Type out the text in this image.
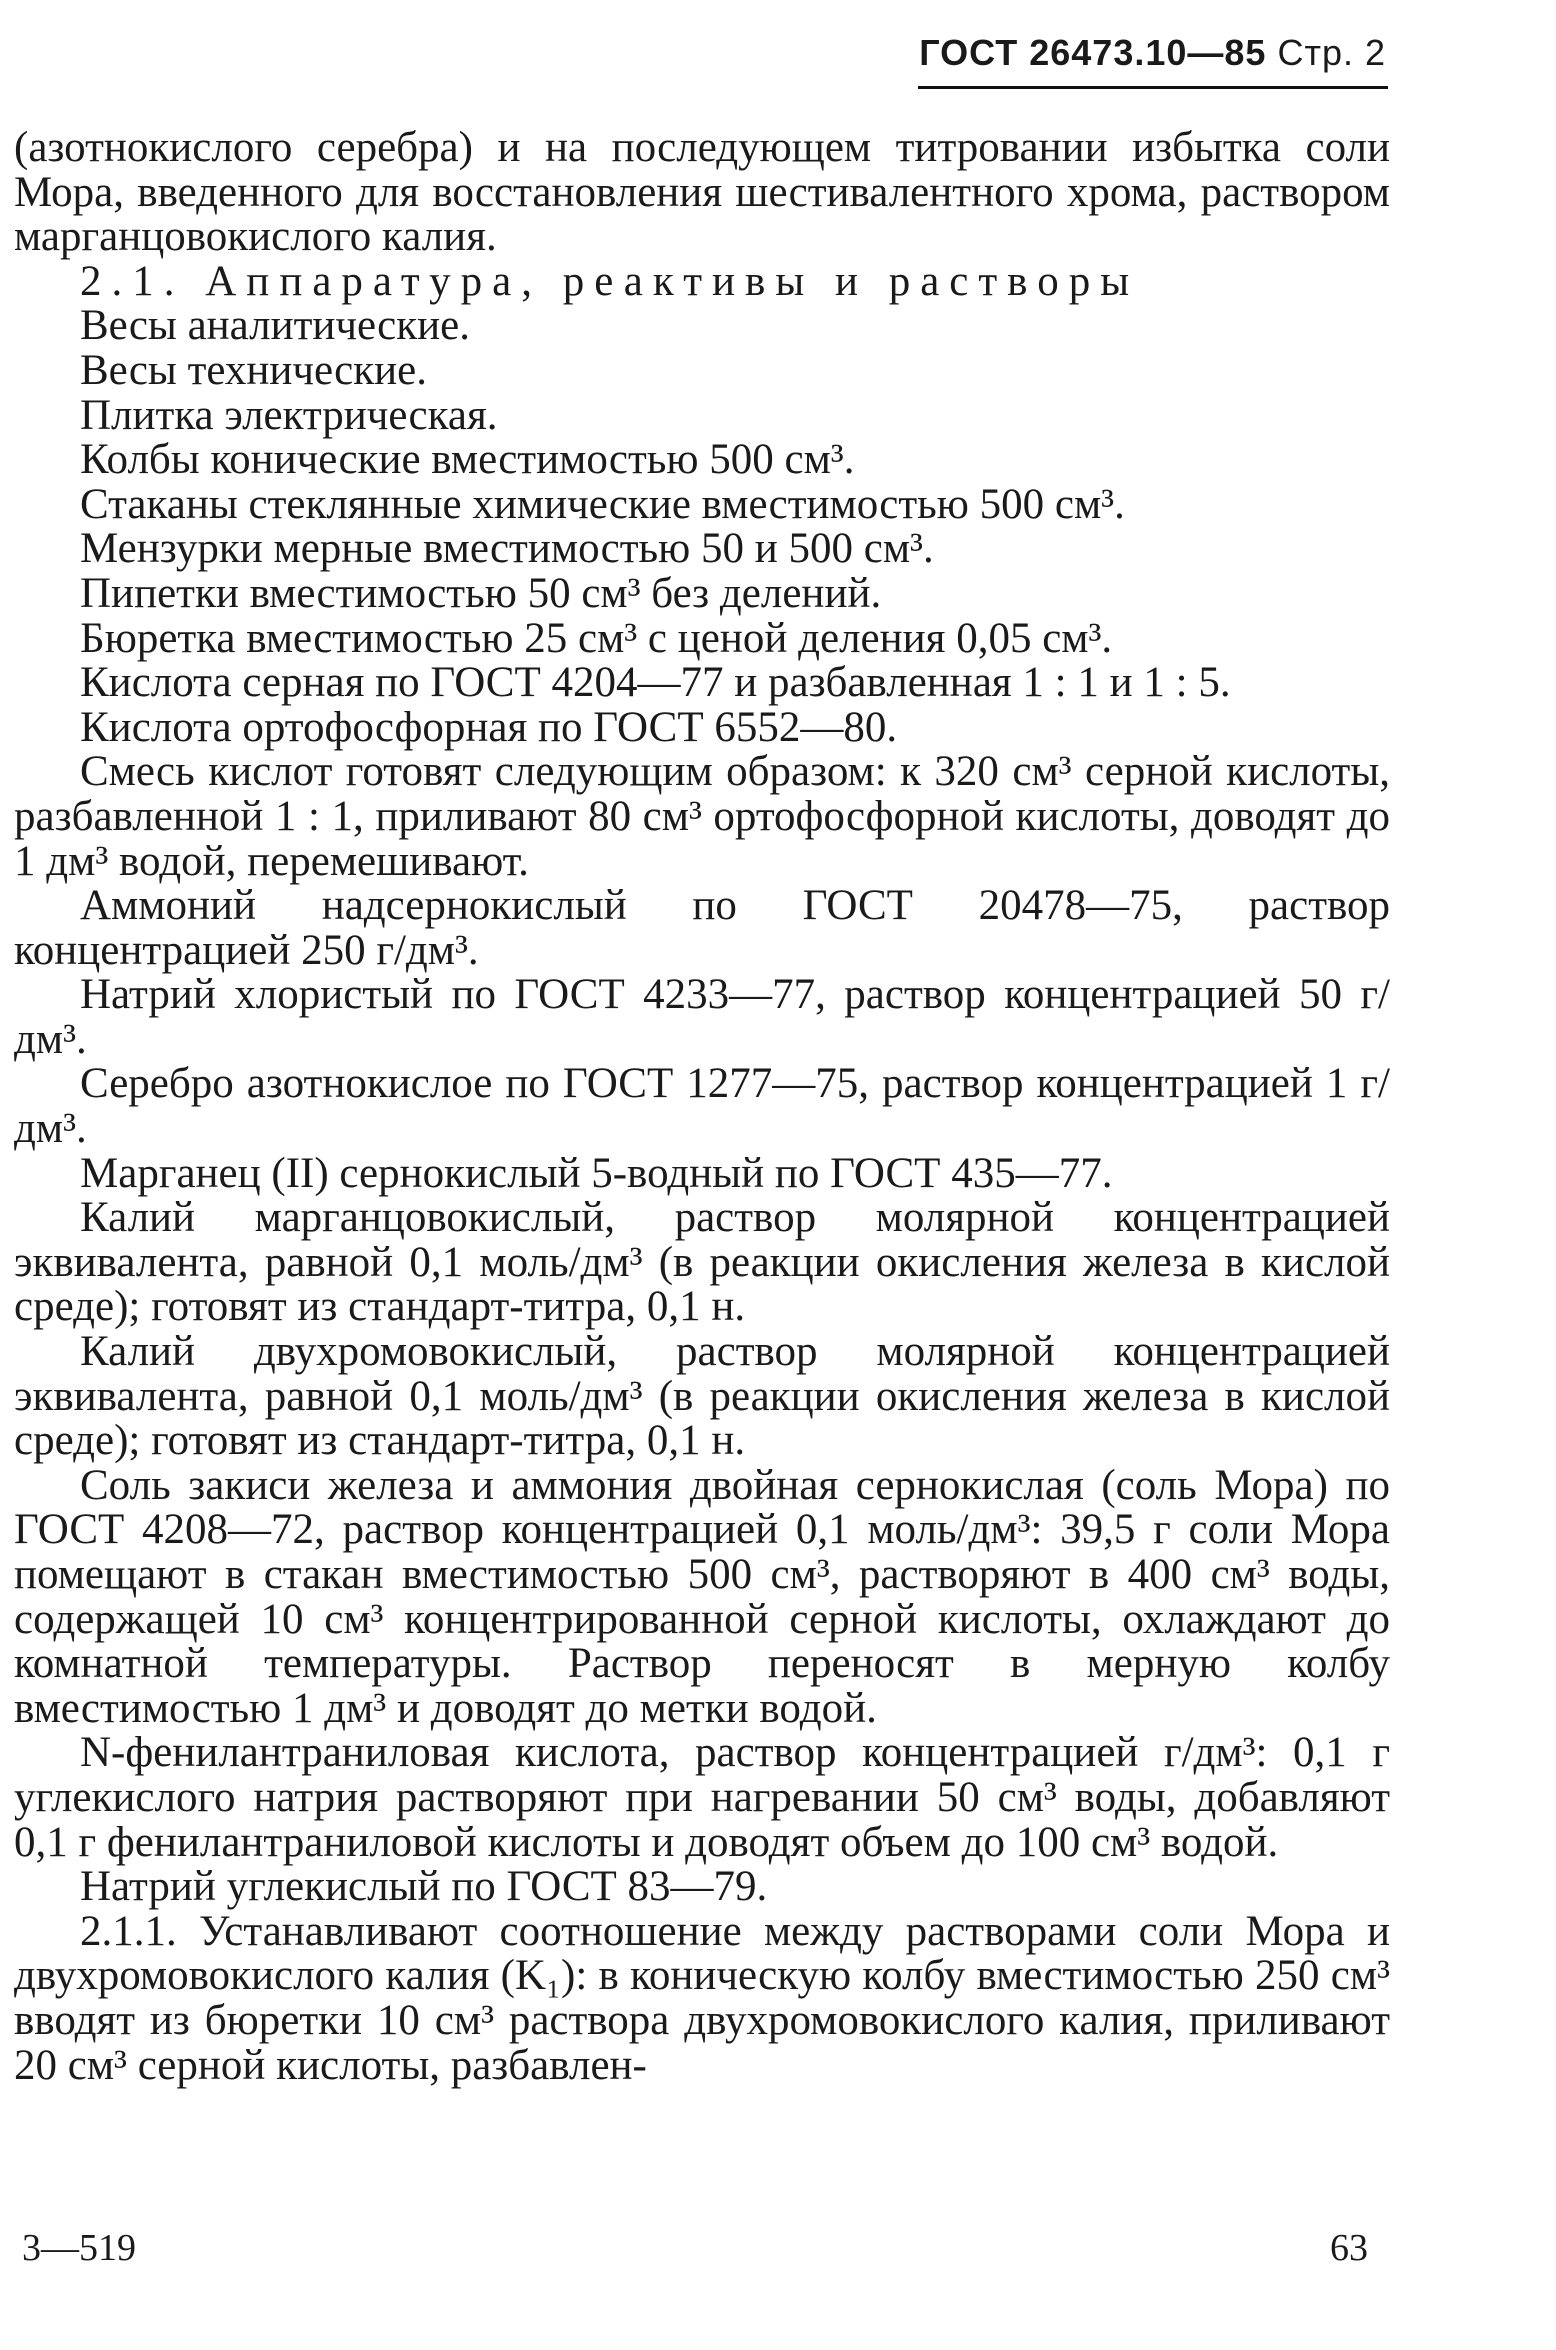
ГОСТ 26473.10—85 Стр. 2

(азотнокислого серебра) и на последующем титровании избытка соли Мора, введенного для восстановления шестивалентного хрома, раствором марганцовокислого калия.

2.1. Аппаратура, реактивы и растворы

Весы аналитические.

Весы технические.

Плитка электрическая.

Колбы конические вместимостью 500 см³.

Стаканы стеклянные химические вместимостью 500 см³.

Мензурки мерные вместимостью 50 и 500 см³.

Пипетки вместимостью 50 см³ без делений.

Бюретка вместимостью 25 см³ с ценой деления 0,05 см³.

Кислота серная по ГОСТ 4204—77 и разбавленная 1 : 1 и 1 : 5.

Кислота ортофосфорная по ГОСТ 6552—80.

Смесь кислот готовят следующим образом: к 320 см³ серной кислоты, разбавленной 1 : 1, приливают 80 см³ ортофосфорной кислоты, доводят до 1 дм³ водой, перемешивают.

Аммоний надсернокислый по ГОСТ 20478—75, раствор концентрацией 250 г/дм³.

Натрий хлористый по ГОСТ 4233—77, раствор концентрацией 50 г/дм³.

Серебро азотнокислое по ГОСТ 1277—75, раствор концентрацией 1 г/дм³.

Марганец (II) сернокислый 5-водный по ГОСТ 435—77.

Калий марганцовокислый, раствор молярной концентрацией эквивалента, равной 0,1 моль/дм³ (в реакции окисления железа в кислой среде); готовят из стандарт-титра, 0,1 н.

Калий двухромовокислый, раствор молярной концентрацией эквивалента, равной 0,1 моль/дм³ (в реакции окисления железа в кислой среде); готовят из стандарт-титра, 0,1 н.

Соль закиси железа и аммония двойная сернокислая (соль Мора) по ГОСТ 4208—72, раствор концентрацией 0,1 моль/дм³: 39,5 г соли Мора помещают в стакан вместимостью 500 см³, растворяют в 400 см³ воды, содержащей 10 см³ концентрированной серной кислоты, охлаждают до комнатной температуры. Раствор переносят в мерную колбу вместимостью 1 дм³ и доводят до метки водой.

N-фенилантраниловая кислота, раствор концентрацией г/дм³: 0,1 г углекислого натрия растворяют при нагревании 50 см³ воды, добавляют 0,1 г фенилантраниловой кислоты и доводят объем до 100 см³ водой.

Натрий углекислый по ГОСТ 83—79.

2.1.1. Устанавливают соотношение между растворами соли Мора и двухромовокислого калия (K₁): в коническую колбу вместимостью 250 см³ вводят из бюретки 10 см³ раствора двухромовокислого калия, приливают 20 см³ серной кислоты, разбавлен-

3—519	63
